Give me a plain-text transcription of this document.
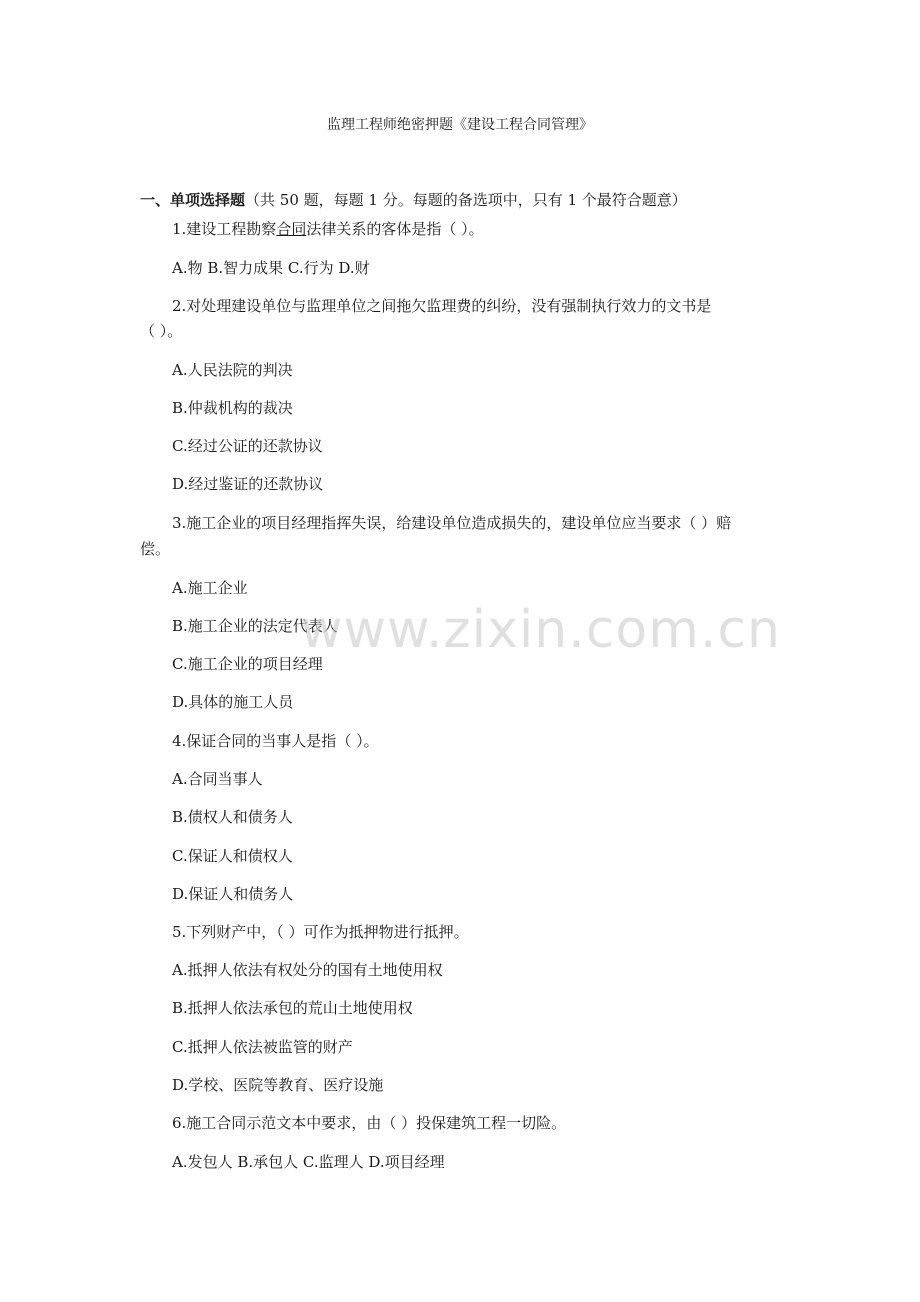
监理工程师绝密押题《建设工程合同管理》
一、单项选择题（共 50 题，每题 1 分。每题的备选项中，只有 1 个最符合题意）
1.建设工程勘察合同法律关系的客体是指（ ）。
A.物 B.智力成果 C.行为 D.财
2.对处理建设单位与监理单位之间拖欠监理费的纠纷，没有强制执行效力的文书是
（ ）。
A.人民法院的判决
B.仲裁机构的裁决
C.经过公证的还款协议
D.经过鉴证的还款协议
3.施工企业的项目经理指挥失误，给建设单位造成损失的，建设单位应当要求（ ）赔
偿。
A.施工企业
B.施工企业的法定代表人
C.施工企业的项目经理
D.具体的施工人员
4.保证合同的当事人是指（ ）。
A.合同当事人
B.债权人和债务人
C.保证人和债权人
D.保证人和债务人
5.下列财产中，（ ）可作为抵押物进行抵押。
A.抵押人依法有权处分的国有土地使用权
B.抵押人依法承包的荒山土地使用权
C.抵押人依法被监管的财产
D.学校、医院等教育、医疗设施
6.施工合同示范文本中要求，由（ ）投保建筑工程一切险。
A.发包人 B.承包人 C.监理人 D.项目经理
www.zixin.com.cn
